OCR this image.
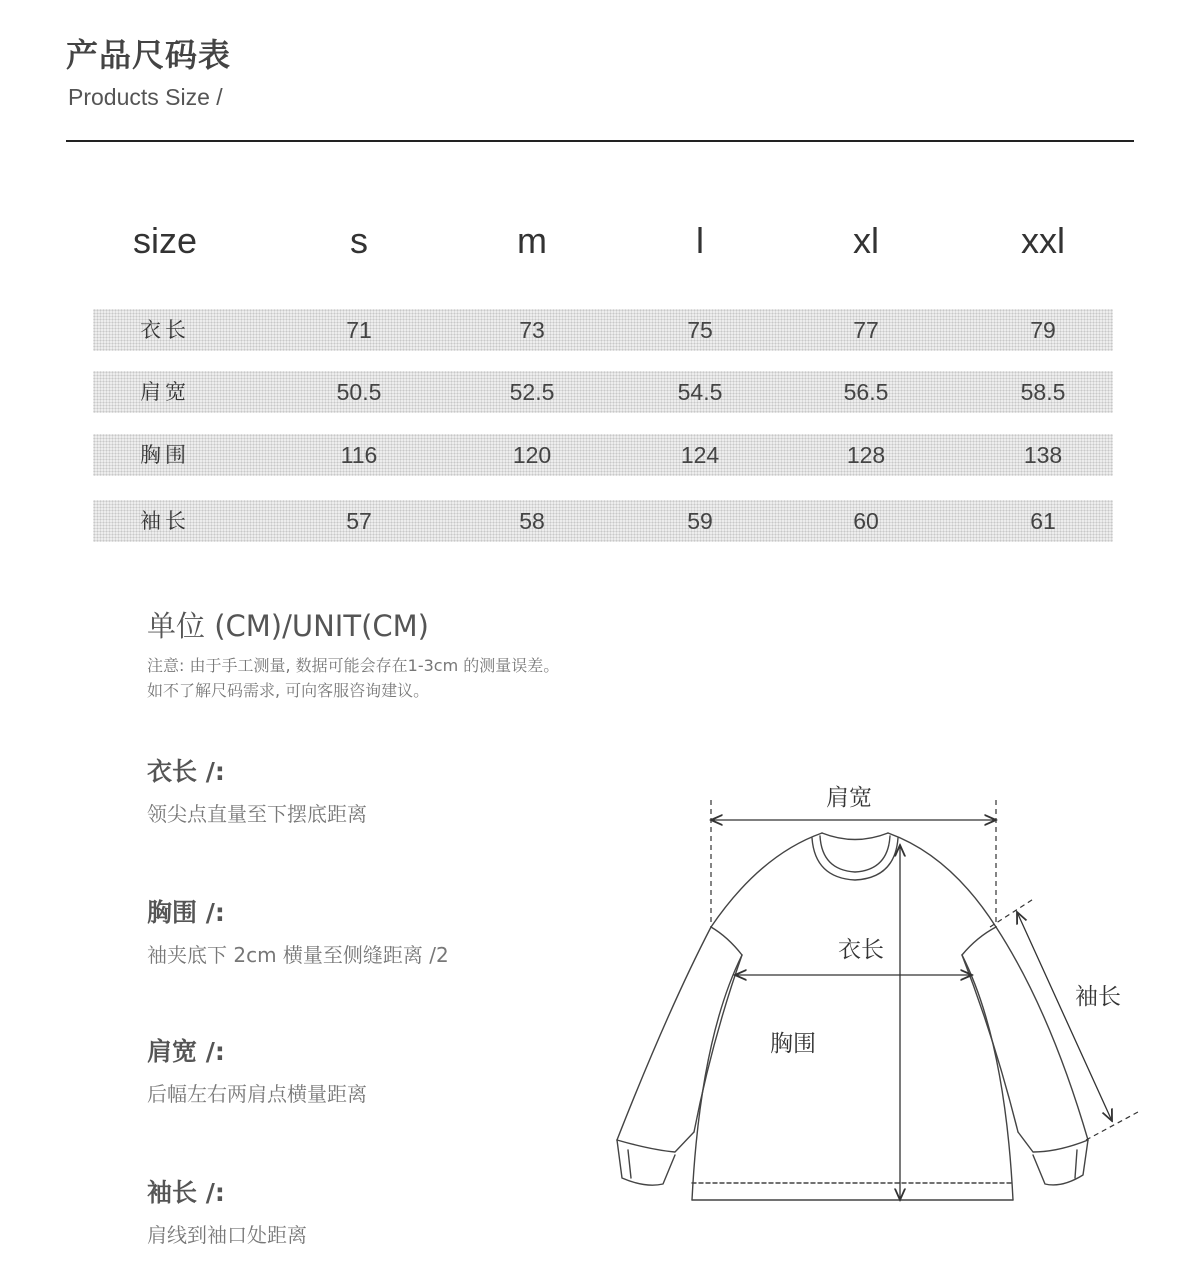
产品尺码表
Products Size /
size	s	m	l	xl	xxl
衣长	71	73	75	77	79
肩宽	50.5	52.5	54.5	56.5	58.5
胸围	116	120	124	128	138
袖长	57	58	59	60	61
单位 (CM)/UNIT(CM)
注意: 由于手工测量, 数据可能会存在1-3cm 的测量误差。
如不了解尺码需求, 可向客服咨询建议。
衣长 /:
领尖点直量至下摆底距离
胸围 /:
袖夹底下 2cm 横量至侧缝距离 /2
肩宽 /:
后幅左右两肩点横量距离
袖长 /:
肩线到袖口处距离
肩宽
衣长
胸围
袖长
